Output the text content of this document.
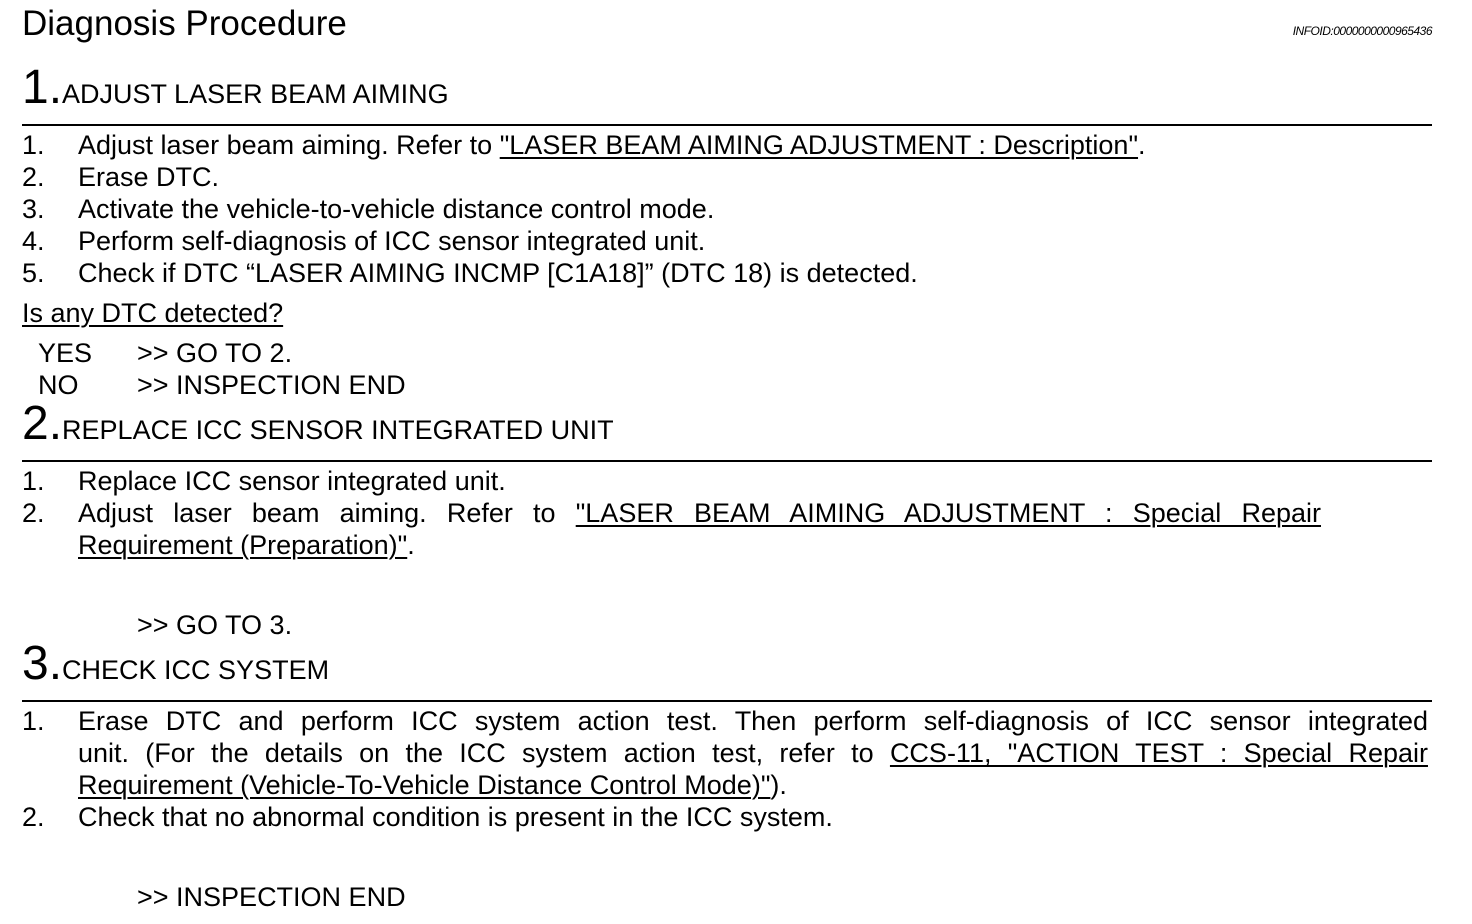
Diagnosis Procedure	INFOID:0000000000965436
1.ADJUST LASER BEAM AIMING
1. Adjust laser beam aiming. Refer to "LASER BEAM AIMING ADJUSTMENT : Description".
2. Erase DTC.
3. Activate the vehicle-to-vehicle distance control mode.
4. Perform self-diagnosis of ICC sensor integrated unit.
5. Check if DTC “LASER AIMING INCMP [C1A18]” (DTC 18) is detected.
Is any DTC detected?
YES >> GO TO 2.
NO >> INSPECTION END
2.REPLACE ICC SENSOR INTEGRATED UNIT
1. Replace ICC sensor integrated unit.
2. Adjust laser beam aiming. Refer to "LASER BEAM AIMING ADJUSTMENT : Special Repair
Requirement (Preparation)".
>> GO TO 3.
3.CHECK ICC SYSTEM
1. Erase DTC and perform ICC system action test. Then perform self-diagnosis of ICC sensor integrated
unit. (For the details on the ICC system action test, refer to CCS-11, "ACTION TEST : Special Repair
Requirement (Vehicle-To-Vehicle Distance Control Mode)").
2. Check that no abnormal condition is present in the ICC system.
>> INSPECTION END
